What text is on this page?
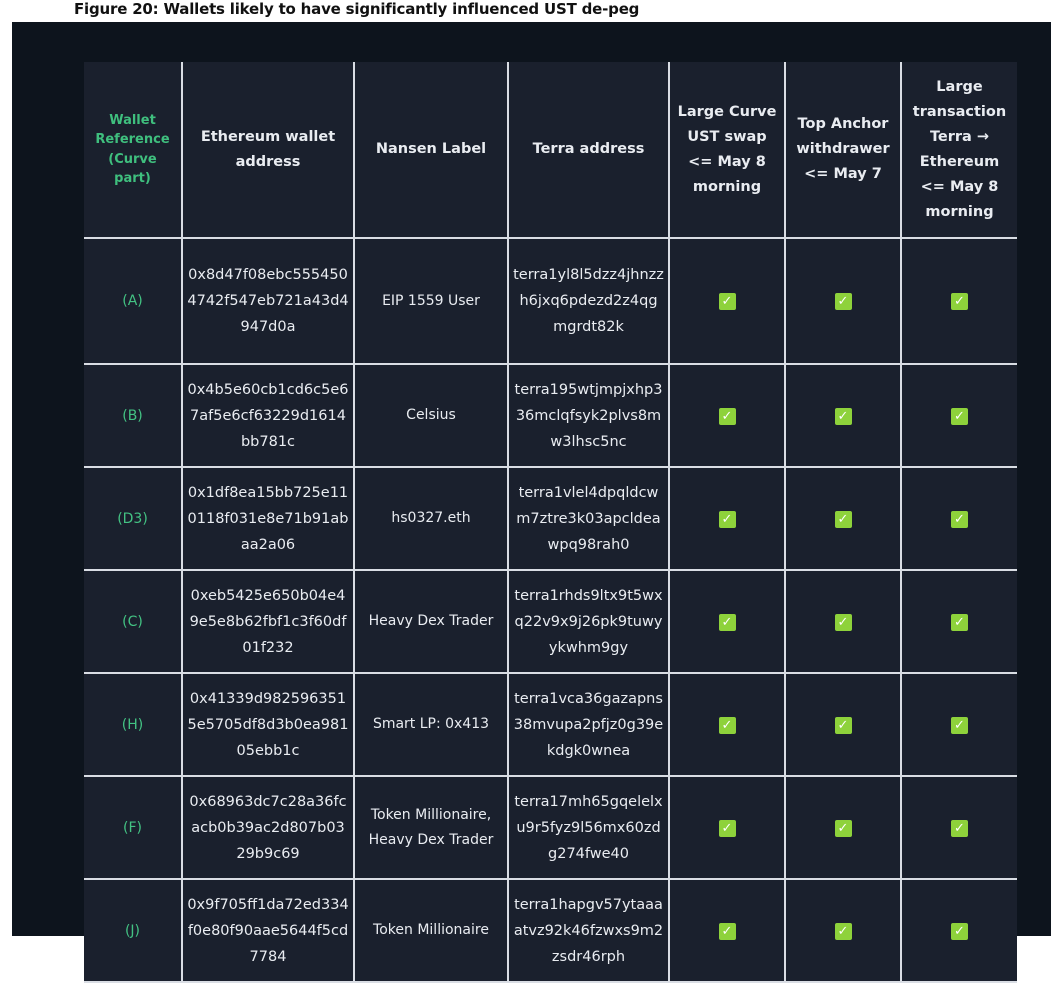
Figure 20: Wallets likely to have significantly influenced UST de-peg
Wallet Reference (Curve part)	Ethereum wallet address	Nansen Label	Terra address	Large Curve UST swap <= May 8 morning	Top Anchor withdrawer <= May 7	Large transaction Terra → Ethereum <= May 8 morning
(A)	0x8d47f08ebc5554504742f547eb721a43d4947d0a	EIP 1559 User	terra1yl8l5dzz4jhnzzh6jxq6pdezd2z4qgmgrdt82k	✓	✓	✓
(B)	0x4b5e60cb1cd6c5e67af5e6cf63229d1614bb781c	Celsius	terra195wtjmpjxhp336mclqfsyk2plvs8mw3lhsc5nc	✓	✓	✓
(D3)	0x1df8ea15bb725e110118f031e8e71b91abaa2a06	hs0327.eth	terra1vlel4dpqldcwm7ztre3k03apcldeawpq98rah0	✓	✓	✓
(C)	0xeb5425e650b04e49e5e8b62fbf1c3f60df01f232	Heavy Dex Trader	terra1rhds9ltx9t5wxq22v9x9j26pk9tuwyykwhm9gy	✓	✓	✓
(H)	0x41339d9825963515e5705df8d3b0ea98105ebb1c	Smart LP: 0x413	terra1vca36gazapns38mvupa2pfjz0g39ekdgk0wnea	✓	✓	✓
(F)	0x68963dc7c28a36fcacb0b39ac2d807b0329b9c69	Token Millionaire, Heavy Dex Trader	terra17mh65gqelelxu9r5fyz9l56mx60zdg274fwe40	✓	✓	✓
(J)	0x9f705ff1da72ed334f0e80f90aae5644f5cd7784	Token Millionaire	terra1hapgv57ytaaaatvz92k46fzwxs9m2zsdr46rph	✓	✓	✓
